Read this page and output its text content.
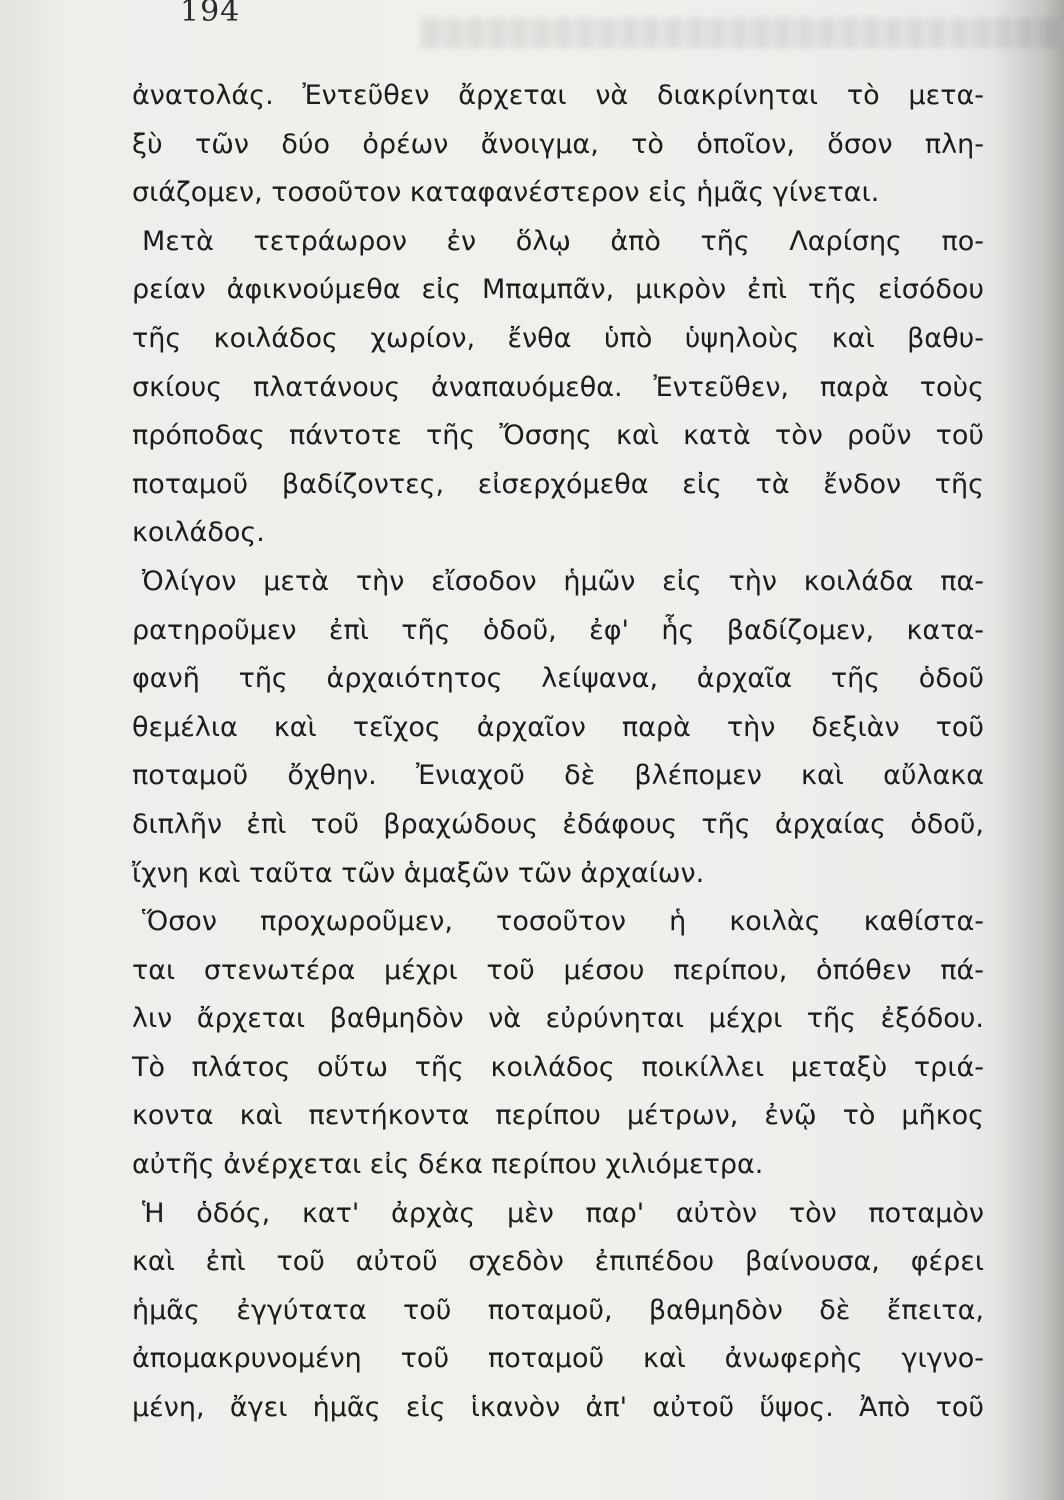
194
ἀνατολάς. Ἐντεῦθεν ἄρχεται νὰ διακρίνηται τὸ μετα-
ξὺ τῶν δύο ὀρέων ἄνοιγμα, τὸ ὁποῖον, ὅσον πλη-
σιάζομεν, τοσοῦτον καταφανέστερον εἰς ἡμᾶς γίνεται.
Μετὰ τετράωρον ἐν ὅλῳ ἀπὸ τῆς Λαρίσης πο-
ρείαν ἀφικνούμεθα εἰς Μπαμπᾶν, μικρὸν ἐπὶ τῆς εἰσόδου
τῆς κοιλάδος χωρίον, ἔνθα ὑπὸ ὑψηλοὺς καὶ βαθυ-
σκίους πλατάνους ἀναπαυόμεθα. Ἐντεῦθεν, παρὰ τοὺς
πρόποδας πάντοτε τῆς Ὄσσης καὶ κατὰ τὸν ροῦν τοῦ
ποταμοῦ βαδίζοντες, εἰσερχόμεθα εἰς τὰ ἔνδον τῆς
κοιλάδος.
Ὀλίγον μετὰ τὴν εἴσοδον ἡμῶν εἰς τὴν κοιλάδα πα-
ρατηροῦμεν ἐπὶ τῆς ὁδοῦ, ἐφ' ἧς βαδίζομεν, κατα-
φανῆ τῆς ἀρχαιότητος λείψανα, ἀρχαῖα τῆς ὁδοῦ
θεμέλια καὶ τεῖχος ἀρχαῖον παρὰ τὴν δεξιὰν τοῦ
ποταμοῦ ὄχθην. Ἐνιαχοῦ δὲ βλέπομεν καὶ αὔλακα
διπλῆν ἐπὶ τοῦ βραχώδους ἐδάφους τῆς ἀρχαίας ὁδοῦ,
ἴχνη καὶ ταῦτα τῶν ἁμαξῶν τῶν ἀρχαίων.
Ὅσον προχωροῦμεν, τοσοῦτον ἡ κοιλὰς καθίστα-
ται στενωτέρα μέχρι τοῦ μέσου περίπου, ὁπόθεν πά-
λιν ἄρχεται βαθμηδὸν νὰ εὐρύνηται μέχρι τῆς ἐξόδου.
Τὸ πλάτος οὕτω τῆς κοιλάδος ποικίλλει μεταξὺ τριά-
κοντα καὶ πεντήκοντα περίπου μέτρων, ἐνῷ τὸ μῆκος
αὐτῆς ἀνέρχεται εἰς δέκα περίπου χιλιόμετρα.
Ἡ ὁδός, κατ' ἀρχὰς μὲν παρ' αὐτὸν τὸν ποταμὸν
καὶ ἐπὶ τοῦ αὐτοῦ σχεδὸν ἐπιπέδου βαίνουσα, φέρει
ἡμᾶς ἐγγύτατα τοῦ ποταμοῦ, βαθμηδὸν δὲ ἔπειτα,
ἀπομακρυνομένη τοῦ ποταμοῦ καὶ ἀνωφερὴς γιγνο-
μένη, ἄγει ἡμᾶς εἰς ἱκανὸν ἀπ' αὐτοῦ ὕψος. Ἀπὸ τοῦ
